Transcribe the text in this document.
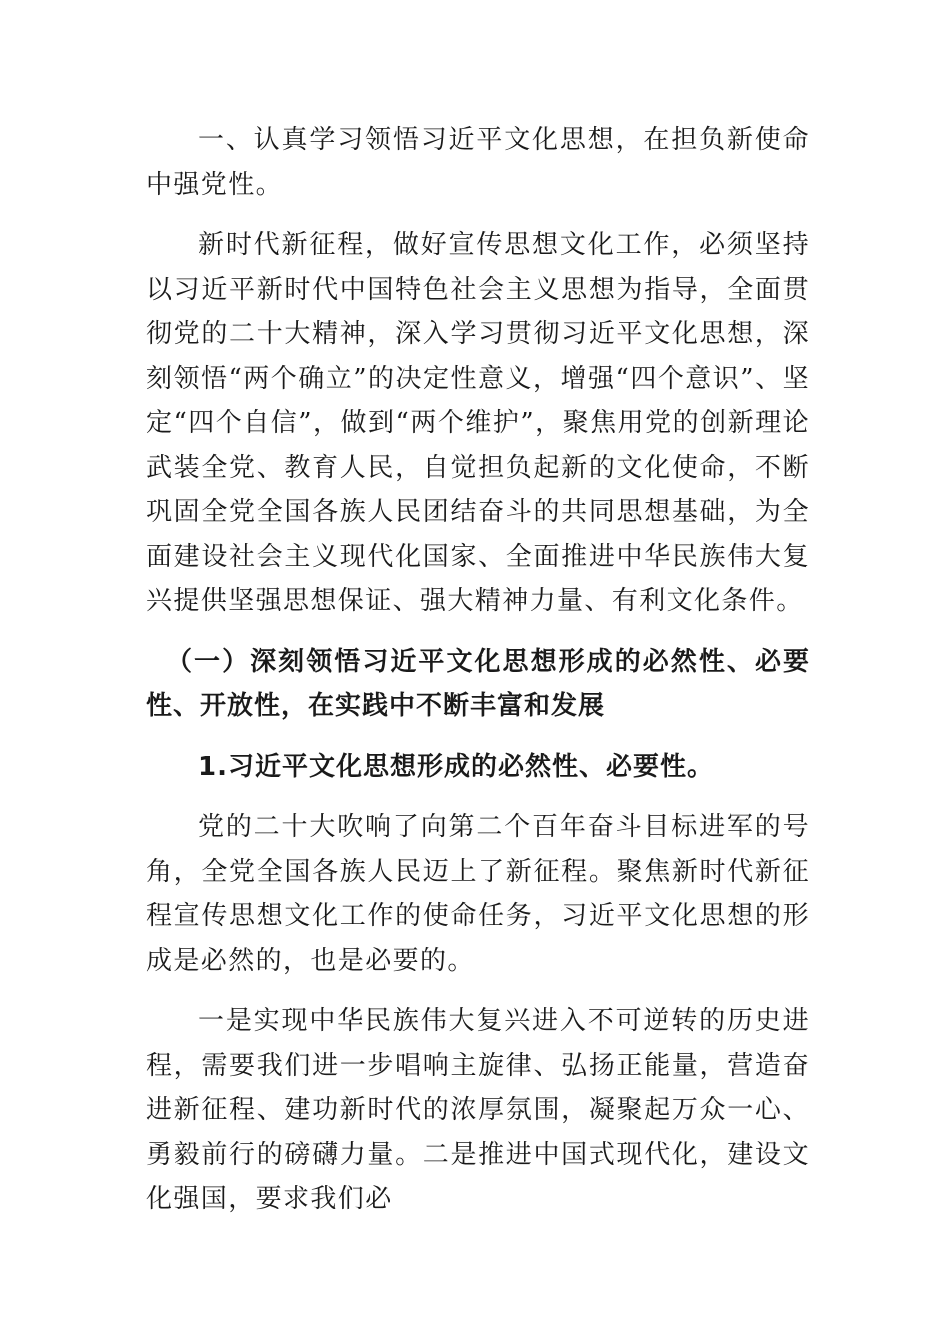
一、认真学习领悟习近平文化思想，在担负新使命中强党性。

新时代新征程，做好宣传思想文化工作，必须坚持以习近平新时代中国特色社会主义思想为指导，全面贯彻党的二十大精神，深入学习贯彻习近平文化思想，深刻领悟“两个确立”的决定性意义，增强“四个意识”、坚定“四个自信”，做到“两个维护”，聚焦用党的创新理论武装全党、教育人民，自觉担负起新的文化使命，不断巩固全党全国各族人民团结奋斗的共同思想基础，为全面建设社会主义现代化国家、全面推进中华民族伟大复兴提供坚强思想保证、强大精神力量、有利文化条件。

（一）深刻领悟习近平文化思想形成的必然性、必要性、开放性，在实践中不断丰富和发展

1.习近平文化思想形成的必然性、必要性。

党的二十大吹响了向第二个百年奋斗目标进军的号角，全党全国各族人民迈上了新征程。聚焦新时代新征程宣传思想文化工作的使命任务，习近平文化思想的形成是必然的，也是必要的。

一是实现中华民族伟大复兴进入不可逆转的历史进程，需要我们进一步唱响主旋律、弘扬正能量，营造奋进新征程、建功新时代的浓厚氛围，凝聚起万众一心、勇毅前行的磅礴力量。二是推进中国式现代化，建设文化强国，要求我们必
